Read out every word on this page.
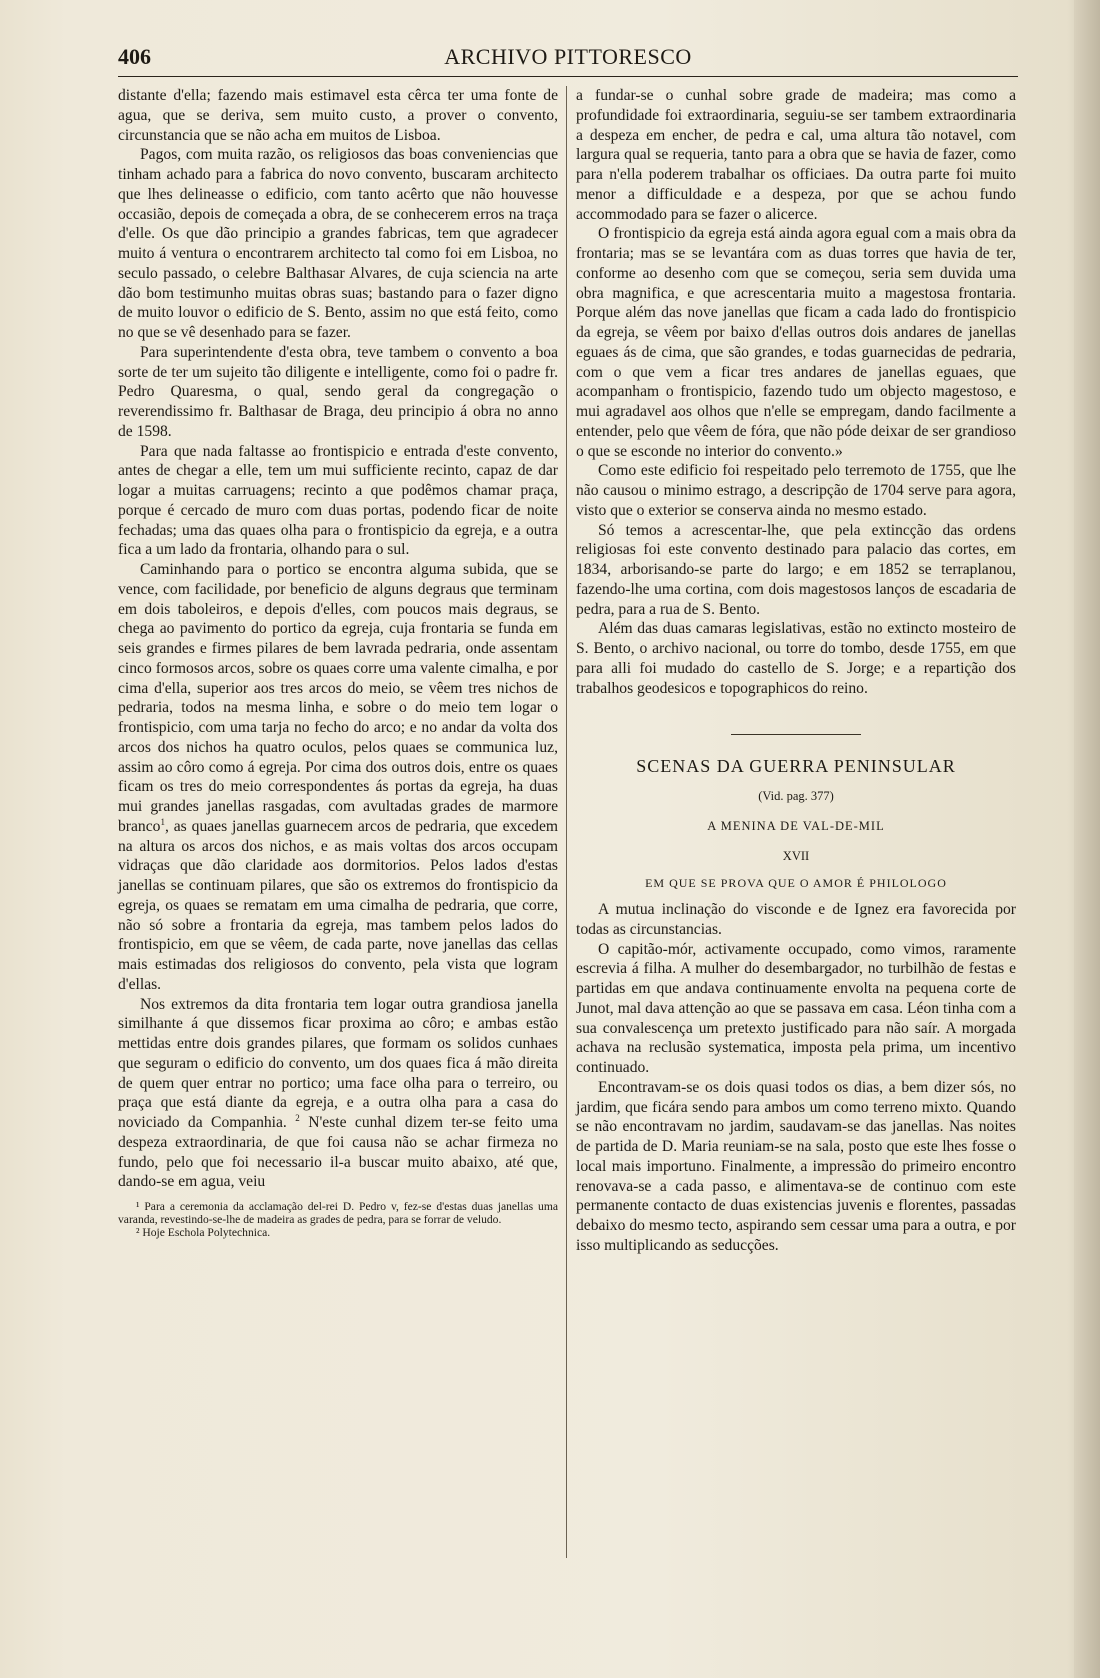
406	ARCHIVO PITTORESCO

distante d'ella; fazendo mais estimavel esta cêrca ter uma fonte de agua, que se deriva, sem muito custo, a prover o convento, circunstancia que se não acha em muitos de Lisboa.

Pagos, com muita razão, os religiosos das boas conveniencias que tinham achado para a fabrica do novo convento, buscaram architecto que lhes delineasse o edificio, com tanto acêrto que não houvesse occasião, depois de começada a obra, de se conhecerem erros na traça d'elle. Os que dão principio a grandes fabricas, tem que agradecer muito á ventura o encontrarem architecto tal como foi em Lisboa, no seculo passado, o celebre Balthasar Alvares, de cuja sciencia na arte dão bom testimunho muitas obras suas; bastando para o fazer digno de muito louvor o edificio de S. Bento, assim no que está feito, como no que se vê desenhado para se fazer.

Para superintendente d'esta obra, teve tambem o convento a boa sorte de ter um sujeito tão diligente e intelligente, como foi o padre fr. Pedro Quaresma, o qual, sendo geral da congregação o reverendissimo fr. Balthasar de Braga, deu principio á obra no anno de 1598.

Para que nada faltasse ao frontispicio e entrada d'este convento, antes de chegar a elle, tem um mui sufficiente recinto, capaz de dar logar a muitas carruagens; recinto a que podêmos chamar praça, porque é cercado de muro com duas portas, podendo ficar de noite fechadas; uma das quaes olha para o frontispicio da egreja, e a outra fica a um lado da frontaria, olhando para o sul.

Caminhando para o portico se encontra alguma subida, que se vence, com facilidade, por beneficio de alguns degraus que terminam em dois taboleiros, e depois d'elles, com poucos mais degraus, se chega ao pavimento do portico da egreja, cuja frontaria se funda em seis grandes e firmes pilares de bem lavrada pedraria, onde assentam cinco formosos arcos, sobre os quaes corre uma valente cimalha, e por cima d'ella, superior aos tres arcos do meio, se vêem tres nichos de pedraria, todos na mesma linha, e sobre o do meio tem logar o frontispicio, com uma tarja no fecho do arco; e no andar da volta dos arcos dos nichos ha quatro oculos, pelos quaes se communica luz, assim ao côro como á egreja. Por cima dos outros dois, entre os quaes ficam os tres do meio correspondentes ás portas da egreja, ha duas mui grandes janellas rasgadas, com avultadas grades de marmore branco$^1$, as quaes janellas guarnecem arcos de pedraria, que excedem na altura os arcos dos nichos, e as mais voltas dos arcos occupam vidraças que dão claridade aos dormitorios. Pelos lados d'estas janellas se continuam pilares, que são os extremos do frontispicio da egreja, os quaes se rematam em uma cimalha de pedraria, que corre, não só sobre a frontaria da egreja, mas tambem pelos lados do frontispicio, em que se vêem, de cada parte, nove janellas das cellas mais estimadas dos religiosos do convento, pela vista que logram d'ellas.

Nos extremos da dita frontaria tem logar outra grandiosa janella similhante á que dissemos ficar proxima ao côro; e ambas estão mettidas entre dois grandes pilares, que formam os solidos cunhaes que seguram o edificio do convento, um dos quaes fica á mão direita de quem quer entrar no portico; uma face olha para o terreiro, ou praça que está diante da egreja, e a outra olha para a casa do noviciado da Companhia. $^2$ N'este cunhal dizem ter-se feito uma despeza extraordinaria, de que foi causa não se achar firmeza no fundo, pelo que foi necessario il-a buscar muito abaixo, até que, dando-se em agua, veiu

¹ Para a ceremonia da acclamação del-rei D. Pedro v, fez-se d'estas duas janellas uma varanda, revestindo-se-lhe de madeira as grades de pedra, para se forrar de veludo.

² Hoje Eschola Polytechnica.

a fundar-se o cunhal sobre grade de madeira; mas como a profundidade foi extraordinaria, seguiu-se ser tambem extraordinaria a despeza em encher, de pedra e cal, uma altura tão notavel, com largura qual se requeria, tanto para a obra que se havia de fazer, como para n'ella poderem trabalhar os officiaes. Da outra parte foi muito menor a difficuldade e a despeza, por que se achou fundo accommodado para se fazer o alicerce.

O frontispicio da egreja está ainda agora egual com a mais obra da frontaria; mas se se levantára com as duas torres que havia de ter, conforme ao desenho com que se começou, seria sem duvida uma obra magnifica, e que acrescentaria muito a magestosa frontaria. Porque além das nove janellas que ficam a cada lado do frontispicio da egreja, se vêem por baixo d'ellas outros dois andares de janellas eguaes ás de cima, que são grandes, e todas guarnecidas de pedraria, com o que vem a ficar tres andares de janellas eguaes, que acompanham o frontispicio, fazendo tudo um objecto magestoso, e mui agradavel aos olhos que n'elle se empregam, dando facilmente a entender, pelo que vêem de fóra, que não póde deixar de ser grandioso o que se esconde no interior do convento.»

Como este edificio foi respeitado pelo terremoto de 1755, que lhe não causou o minimo estrago, a descripção de 1704 serve para agora, visto que o exterior se conserva ainda no mesmo estado.

Só temos a acrescentar-lhe, que pela extincção das ordens religiosas foi este convento destinado para palacio das cortes, em 1834, arborisando-se parte do largo; e em 1852 se terraplanou, fazendo-lhe uma cortina, com dois magestosos lanços de escadaria de pedra, para a rua de S. Bento.

Além das duas camaras legislativas, estão no extincto mosteiro de S. Bento, o archivo nacional, ou torre do tombo, desde 1755, em que para alli foi mudado do castello de S. Jorge; e a repartição dos trabalhos geodesicos e topographicos do reino.

SCENAS DA GUERRA PENINSULAR
(Vid. pag. 377)
A MENINA DE VAL-DE-MIL
XVII
EM QUE SE PROVA QUE O AMOR É PHILOLOGO

A mutua inclinação do visconde e de Ignez era favorecida por todas as circunstancias.

O capitão-mór, activamente occupado, como vimos, raramente escrevia á filha. A mulher do desembargador, no turbilhão de festas e partidas em que andava continuamente envolta na pequena corte de Junot, mal dava attenção ao que se passava em casa. Léon tinha com a sua convalescença um pretexto justificado para não saír. A morgada achava na reclusão systematica, imposta pela prima, um incentivo continuado.

Encontravam-se os dois quasi todos os dias, a bem dizer sós, no jardim, que ficára sendo para ambos um como terreno mixto. Quando se não encontravam no jardim, saudavam-se das janellas. Nas noites de partida de D. Maria reuniam-se na sala, posto que este lhes fosse o local mais importuno. Finalmente, a impressão do primeiro encontro renovava-se a cada passo, e alimentava-se de continuo com este permanente contacto de duas existencias juvenis e florentes, passadas debaixo do mesmo tecto, aspirando sem cessar uma para a outra, e por isso multiplicando as seducções.
